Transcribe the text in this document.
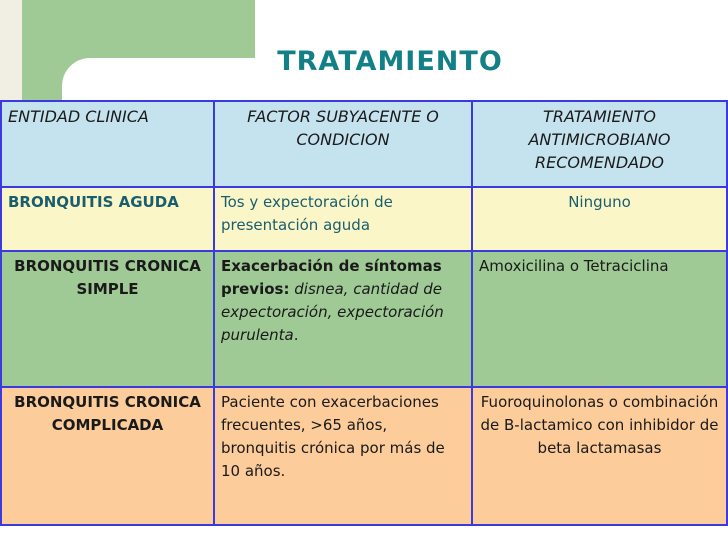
TRATAMIENTO
ENTIDAD CLINICA	FACTOR SUBYACENTE O CONDICION	TRATAMIENTO ANTIMICROBIANO RECOMENDADO
BRONQUITIS AGUDA	Tos y expectoración de presentación aguda	Ninguno
BRONQUITIS CRONICA SIMPLE	Exacerbación de síntomas previos: disnea, cantidad de expectoración, expectoración purulenta.	Amoxicilina o Tetraciclina
BRONQUITIS CRONICA COMPLICADA	Paciente con exacerbaciones frecuentes, >65 años, bronquitis crónica por más de 10 años.	Fuoroquinolonas o combinación de B-lactamico con inhibidor de beta lactamasas
